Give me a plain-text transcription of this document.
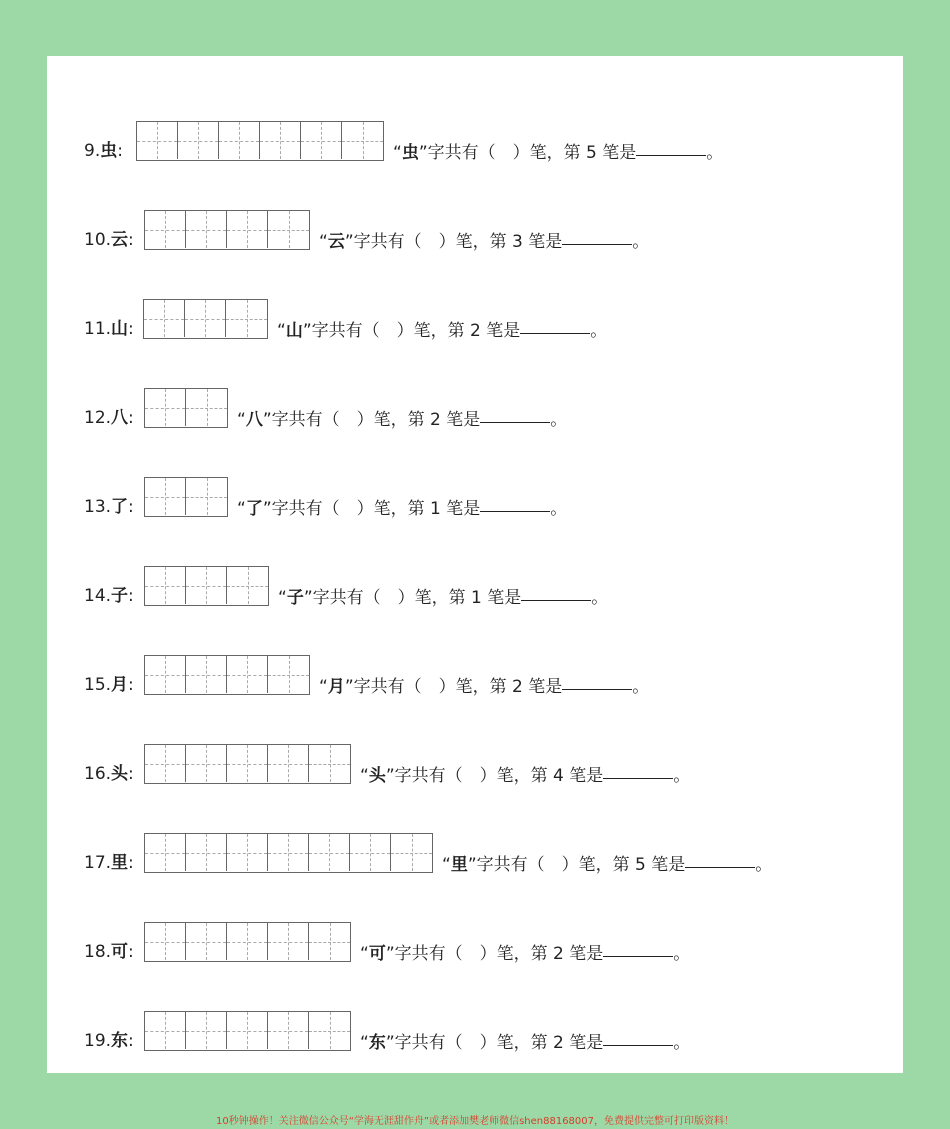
9.虫:	“虫”字共有（　）笔，第 5 笔是	。
10.云:	“云”字共有（　）笔，第 3 笔是	。
11.山:	“山”字共有（　）笔，第 2 笔是	。
12.八:	“八”字共有（　）笔，第 2 笔是	。
13.了:	“了”字共有（　）笔，第 1 笔是	。
14.子:	“子”字共有（　）笔，第 1 笔是	。
15.月:	“月”字共有（　）笔，第 2 笔是	。
16.头:	“头”字共有（　）笔，第 4 笔是	。
17.里:	“里”字共有（　）笔，第 5 笔是	。
18.可:	“可”字共有（　）笔，第 2 笔是	。
19.东:	“东”字共有（　）笔，第 2 笔是	。
10秒钟操作！关注微信公众号“学海无涯甜作舟”或者添加樊老师微信shen88168007，免费提供完整可打印版资料！
